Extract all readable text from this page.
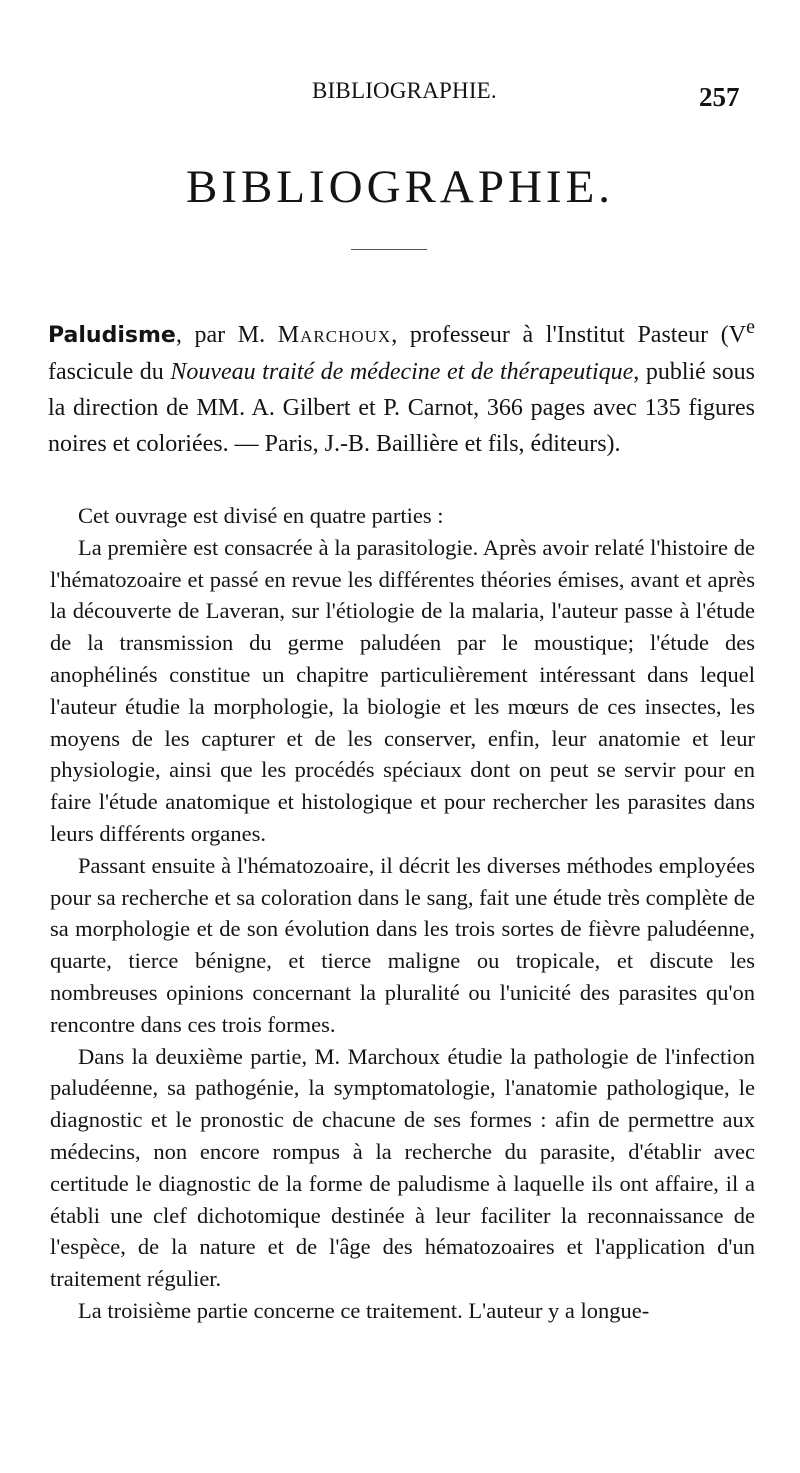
BIBLIOGRAPHIE.	257
BIBLIOGRAPHIE.
Paludisme, par M. Marchoux, professeur à l'Institut Pasteur (Ve fascicule du Nouveau traité de médecine et de thérapeutique, publié sous la direction de MM. A. Gilbert et P. Carnot, 366 pages avec 135 figures noires et coloriées. — Paris, J.-B. Baillière et fils, éditeurs).

Cet ouvrage est divisé en quatre parties :

La première est consacrée à la parasitologie. Après avoir relaté l'histoire de l'hématozoaire et passé en revue les différentes théories émises, avant et après la découverte de Laveran, sur l'étiologie de la malaria, l'auteur passe à l'étude de la transmission du germe paludéen par le moustique; l'étude des anophélinés constitue un chapitre particulièrement intéressant dans lequel l'auteur étudie la morphologie, la biologie et les mœurs de ces insectes, les moyens de les capturer et de les conserver, enfin, leur anatomie et leur physiologie, ainsi que les procédés spéciaux dont on peut se servir pour en faire l'étude anatomique et histologique et pour rechercher les parasites dans leurs différents organes.

Passant ensuite à l'hématozoaire, il décrit les diverses méthodes employées pour sa recherche et sa coloration dans le sang, fait une étude très complète de sa morphologie et de son évolution dans les trois sortes de fièvre paludéenne, quarte, tierce bénigne, et tierce maligne ou tropicale, et discute les nombreuses opinions concernant la pluralité ou l'unicité des parasites qu'on rencontre dans ces trois formes.

Dans la deuxième partie, M. Marchoux étudie la pathologie de l'infection paludéenne, sa pathogénie, la symptomatologie, l'anatomie pathologique, le diagnostic et le pronostic de chacune de ses formes : afin de permettre aux médecins, non encore rompus à la recherche du parasite, d'établir avec certitude le diagnostic de la forme de paludisme à laquelle ils ont affaire, il a établi une clef dichotomique destinée à leur faciliter la reconnaissance de l'espèce, de la nature et de l'âge des hématozoaires et l'application d'un traitement régulier.

La troisième partie concerne ce traitement. L'auteur y a longue-
